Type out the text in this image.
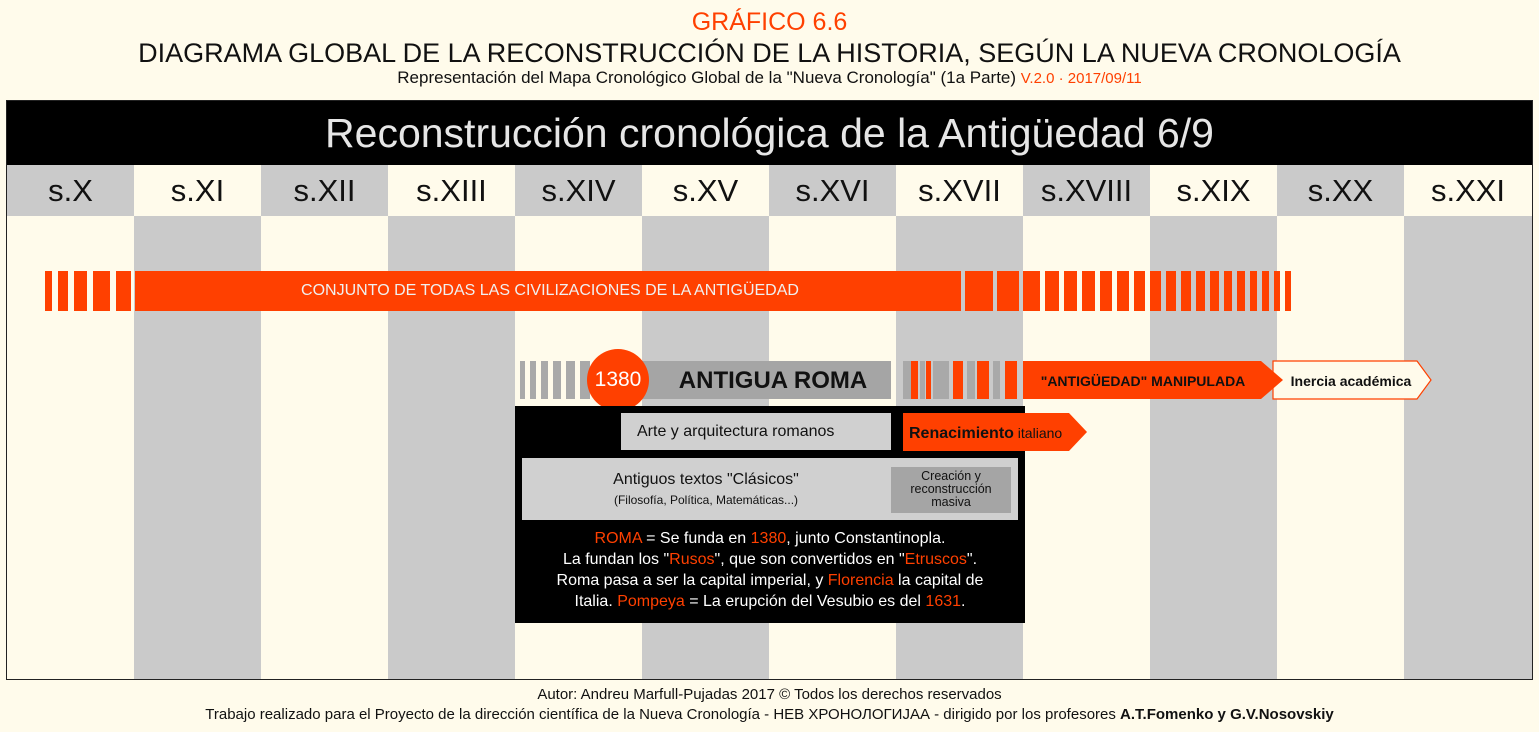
GRÁFICO 6.6
DIAGRAMA GLOBAL DE LA RECONSTRUCCIÓN DE LA HISTORIA, SEGÚN LA NUEVA CRONOLOGÍA
Representación del Mapa Cronológico Global de la "Nueva Cronología" (1a Parte) V.2.0 · 2017/09/11
Reconstrucción cronológica de la Antigüedad 6/9
s.X	s.XI	s.XII	s.XIII	s.XIV	s.XV	s.XVI	s.XVII	s.XVIII	s.XIX	s.XX	s.XXI
CONJUNTO DE TODAS LAS CIVILIZACIONES DE LA ANTIGÜEDAD
ANTIGUA ROMA
1380	"ANTIGÜEDAD" MANIPULADA	Inercia académica
Arte y arquitectura romanos	Renacimiento italiano
Antiguos textos "Clásicos"
(Filosofía, Política, Matemáticas...)
Creación y reconstrucción masiva
ROMA = Se funda en 1380, junto Constantinopla.
La fundan los "Rusos", que son convertidos en "Etruscos".
Roma pasa a ser la capital imperial, y Florencia la capital de
Italia. Pompeya = La erupción del Vesubio es del 1631.
Autor: Andreu Marfull-Pujadas 2017 © Todos los derechos reservados
Trabajo realizado para el Proyecto de la dirección científica de la Nueva Cronología - НЕВ ХРОНОЛОГИЈАА - dirigido por los profesores A.T.Fomenko y G.V.Nosovskiy
